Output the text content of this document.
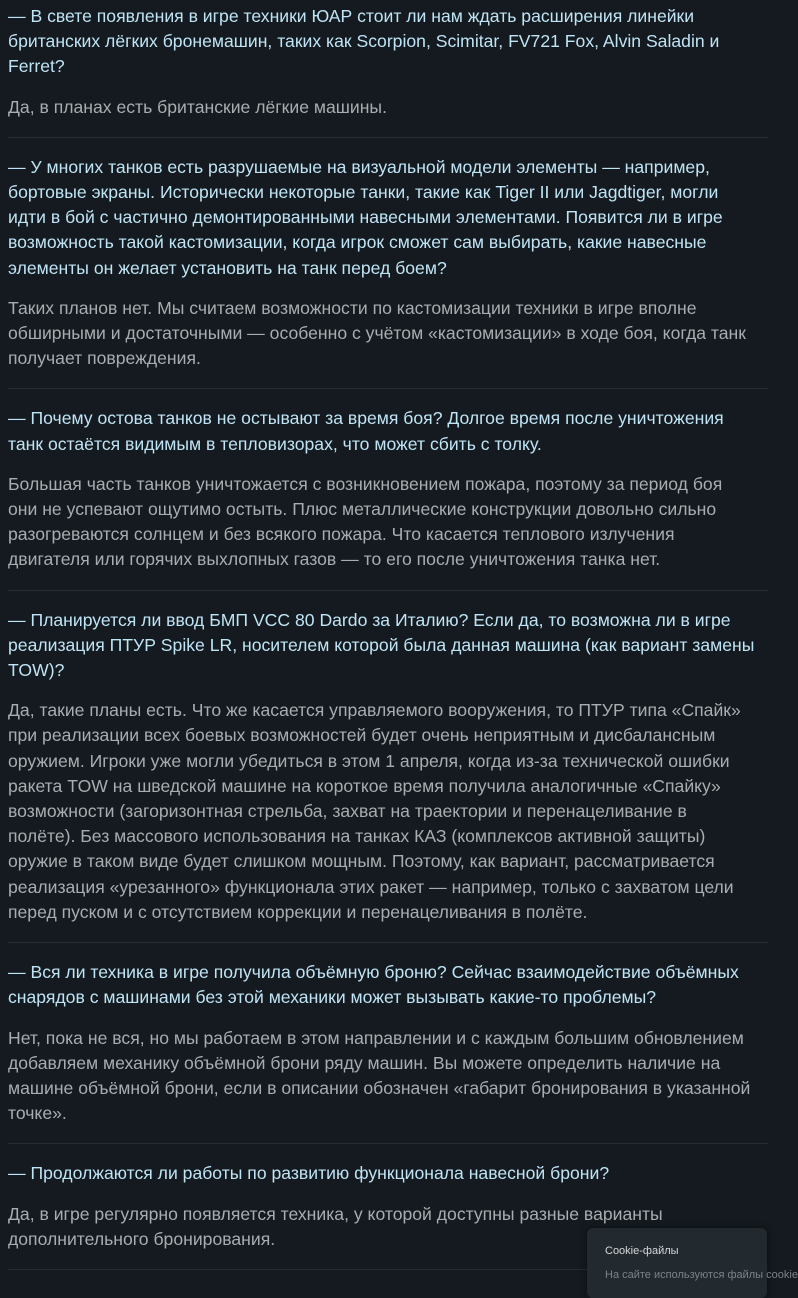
— В свете появления в игре техники ЮАР стоит ли нам ждать расширения линейки
британских лёгких бронемашин, таких как Scorpion, Scimitar, FV721 Fox, Alvin Saladin и
Ferret?
Да, в планах есть британские лёгкие машины.
— У многих танков есть разрушаемые на визуальной модели элементы — например,
бортовые экраны. Исторически некоторые танки, такие как Tiger II или Jagdtiger, могли
идти в бой с частично демонтированными навесными элементами. Появится ли в игре
возможность такой кастомизации, когда игрок сможет сам выбирать, какие навесные
элементы он желает установить на танк перед боем?
Таких планов нет. Мы считаем возможности по кастомизации техники в игре вполне
обширными и достаточными — особенно с учётом «кастомизации» в ходе боя, когда танк
получает повреждения.
— Почему остова танков не остывают за время боя? Долгое время после уничтожения
танк остаётся видимым в тепловизорах, что может сбить с толку.
Большая часть танков уничтожается с возникновением пожара, поэтому за период боя
они не успевают ощутимо остыть. Плюс металлические конструкции довольно сильно
разогреваются солнцем и без всякого пожара. Что касается теплового излучения
двигателя или горячих выхлопных газов — то его после уничтожения танка нет.
— Планируется ли ввод БМП VCC 80 Dardo за Италию? Если да, то возможна ли в игре
реализация ПТУР Spike LR, носителем которой была данная машина (как вариант замены
TOW)?
Да, такие планы есть. Что же касается управляемого вооружения, то ПТУР типа «Спайк»
при реализации всех боевых возможностей будет очень неприятным и дисбалансным
оружием. Игроки уже могли убедиться в этом 1 апреля, когда из-за технической ошибки
ракета TOW на шведской машине на короткое время получила аналогичные «Спайку»
возможности (загоризонтная стрельба, захват на траектории и перенацеливание в
полёте). Без массового использования на танках КАЗ (комплексов активной защиты)
оружие в таком виде будет слишком мощным. Поэтому, как вариант, рассматривается
реализация «урезанного» функционала этих ракет — например, только с захватом цели
перед пуском и с отсутствием коррекции и перенацеливания в полёте.
— Вся ли техника в игре получила объёмную броню? Сейчас взаимодействие объёмных
снарядов с машинами без этой механики может вызывать какие-то проблемы?
Нет, пока не вся, но мы работаем в этом направлении и с каждым большим обновлением
добавляем механику объёмной брони ряду машин. Вы можете определить наличие на
машине объёмной брони, если в описании обозначен «габарит бронирования в указанной
точке».
— Продолжаются ли работы по развитию функционала навесной брони?
Да, в игре регулярно появляется техника, у которой доступны разные варианты
дополнительного бронирования.
Cookie-файлы
На сайте используются файлы cookie
